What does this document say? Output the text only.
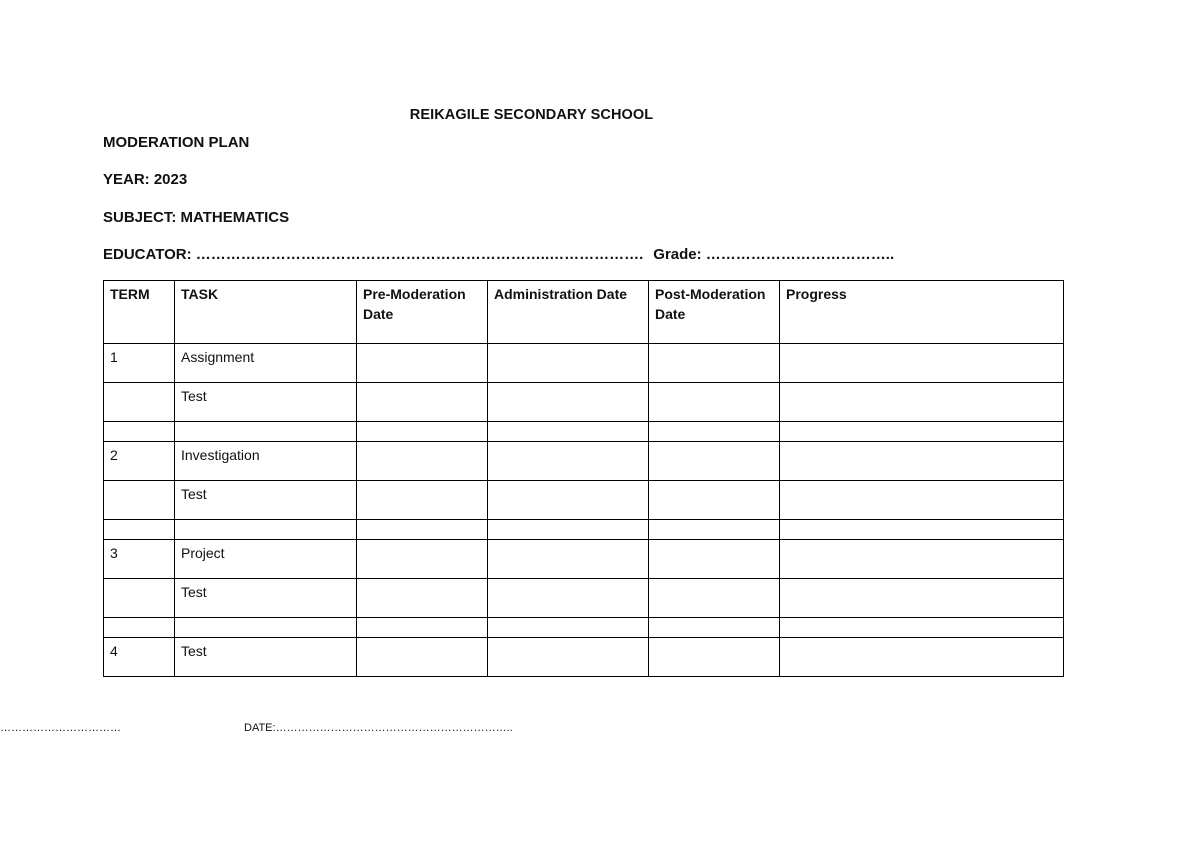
REIKAGILE SECONDARY SCHOOL
MODERATION PLAN
YEAR: 2023
SUBJECT: MATHEMATICS
EDUCATOR: ……………………………………………………………..………………. Grade: ………………………………..
TERM	TASK	Pre-Moderation Date	Administration Date	Post-Moderation Date	Progress
1	Assignment				
	Test				

2	Investigation				
	Test				

3	Project				
	Test				

4	Test				
……………………………	DATE:………………………………………………………..
